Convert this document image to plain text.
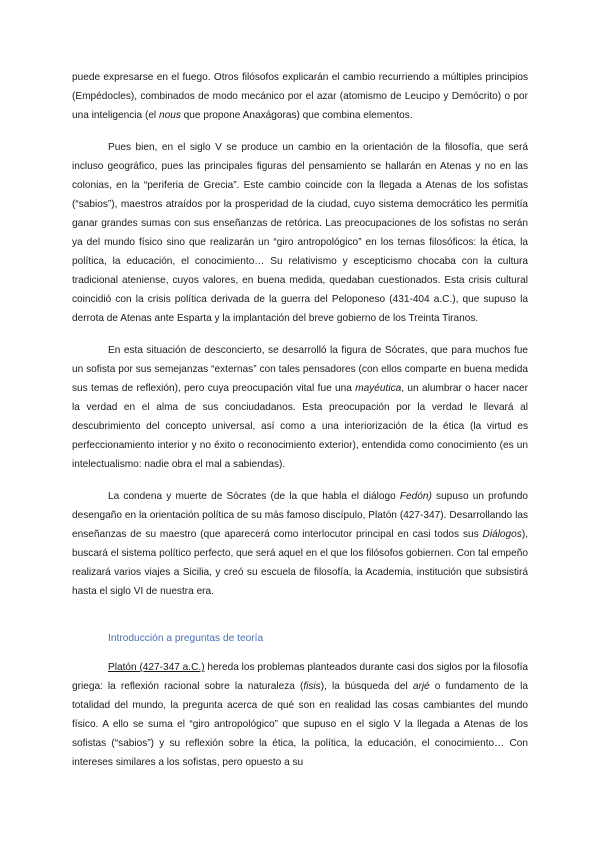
puede expresarse en el fuego. Otros filósofos explicarán el cambio recurriendo a múltiples principios (Empédocles), combinados de modo mecánico por el azar (atomismo de Leucipo y Demócrito) o por una inteligencia (el nous que propone Anaxágoras) que combina elementos.

Pues bien, en el siglo V se produce un cambio en la orientación de la filosofía, que será incluso geográfico, pues las principales figuras del pensamiento se hallarán en Atenas y no en las colonias, en la “periferia de Grecia”. Este cambio coincide con la llegada a Atenas de los sofistas (“sabios”), maestros atraídos por la prosperidad de la ciudad, cuyo sistema democrático les permitía ganar grandes sumas con sus enseñanzas de retórica. Las preocupaciones de los sofistas no serán ya del mundo físico sino que realizarán un “giro antropológico” en los temas filosóficos: la ética, la política, la educación, el conocimiento… Su relativismo y escepticismo chocaba con la cultura tradicional ateniense, cuyos valores, en buena medida, quedaban cuestionados. Esta crisis cultural coincidió con la crisis política derivada de la guerra del Peloponeso (431-404 a.C.), que supuso la derrota de Atenas ante Esparta y la implantación del breve gobierno de los Treinta Tiranos.

En esta situación de desconcierto, se desarrolló la figura de Sócrates, que para muchos fue un sofista por sus semejanzas “externas” con tales pensadores (con ellos comparte en buena medida sus temas de reflexión), pero cuya preocupación vital fue una mayéutica, un alumbrar o hacer nacer la verdad en el alma de sus conciudadanos. Esta preocupación por la verdad le llevará al descubrimiento del concepto universal, así como a una interiorización de la ética (la virtud es perfeccionamiento interior y no éxito o reconocimiento exterior), entendida como conocimiento (es un intelectualismo: nadie obra el mal a sabiendas).

La condena y muerte de Sócrates (de la que habla el diálogo Fedón) supuso un profundo desengaño en la orientación política de su más famoso discípulo, Platón (427-347). Desarrollando las enseñanzas de su maestro (que aparecerá como interlocutor principal en casi todos sus Diálogos), buscará el sistema político perfecto, que será aquel en el que los filósofos gobiernen. Con tal empeño realizará varios viajes a Sicilia, y creó su escuela de filosofía, la Academia, institución que subsistirá hasta el siglo VI de nuestra era.

Introducción a preguntas de teoría

Platón (427-347 a.C.) hereda los problemas planteados durante casi dos siglos por la filosofía griega: la reflexión racional sobre la naturaleza (fisis), la búsqueda del arjé o fundamento de la totalidad del mundo, la pregunta acerca de qué son en realidad las cosas cambiantes del mundo físico. A ello se suma el “giro antropológico” que supuso en el siglo V la llegada a Atenas de los sofistas (“sabios”) y su reflexión sobre la ética, la política, la educación, el conocimiento… Con intereses similares a los sofistas, pero opuesto a su
